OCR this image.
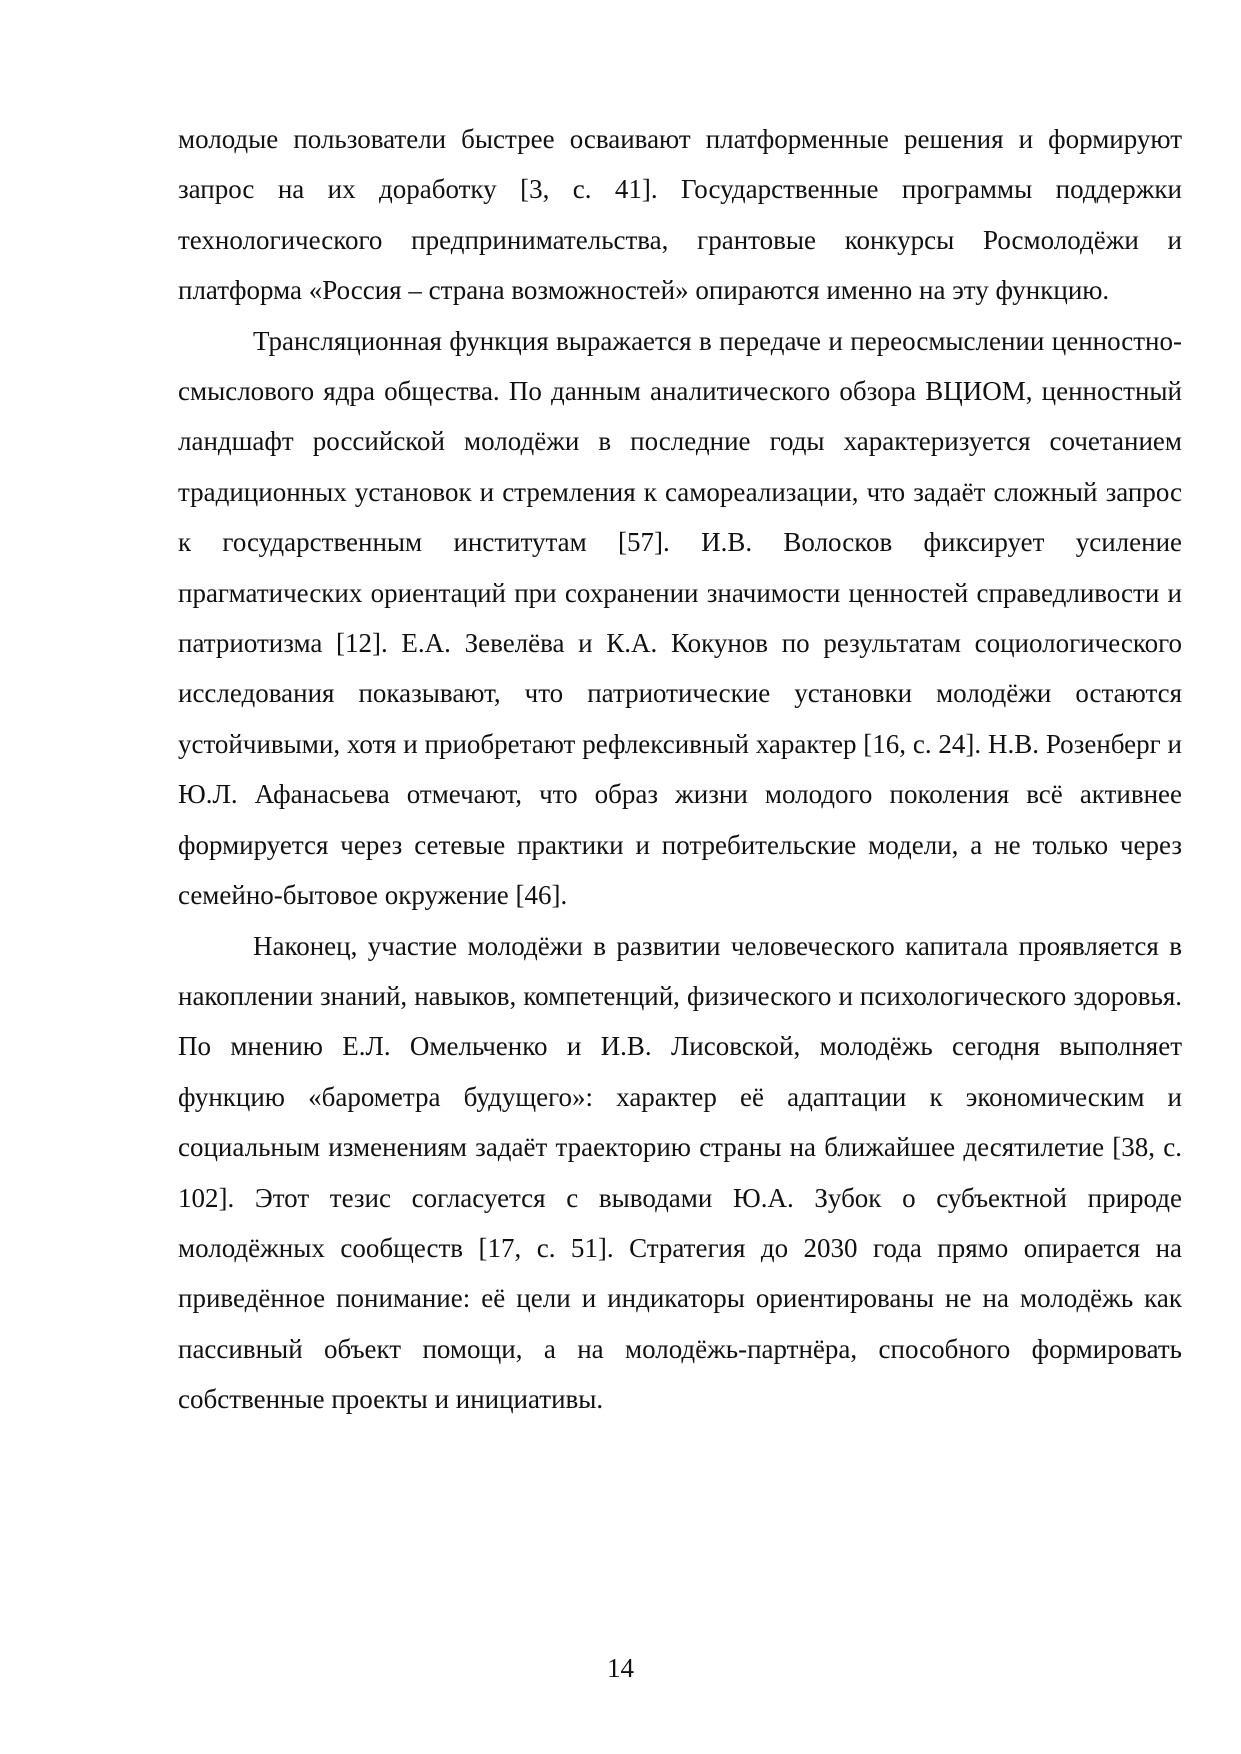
молодые пользователи быстрее осваивают платформенные решения и формируют запрос на их доработку [3, с. 41]. Государственные программы поддержки технологического предпринимательства, грантовые конкурсы Росмолодёжи и платформа «Россия – страна возможностей» опираются именно на эту функцию.

Трансляционная функция выражается в передаче и переосмыслении ценностно-смыслового ядра общества. По данным аналитического обзора ВЦИОМ, ценностный ландшафт российской молодёжи в последние годы характеризуется сочетанием традиционных установок и стремления к самореализации, что задаёт сложный запрос к государственным институтам [57]. И.В. Волосков фиксирует усиление прагматических ориентаций при сохранении значимости ценностей справедливости и патриотизма [12]. Е.А. Зевелёва и К.А. Кокунов по результатам социологического исследования показывают, что патриотические установки молодёжи остаются устойчивыми, хотя и приобретают рефлексивный характер [16, с. 24]. Н.В. Розенберг и Ю.Л. Афанасьева отмечают, что образ жизни молодого поколения всё активнее формируется через сетевые практики и потребительские модели, а не только через семейно-бытовое окружение [46].

Наконец, участие молодёжи в развитии человеческого капитала проявляется в накоплении знаний, навыков, компетенций, физического и психологического здоровья. По мнению Е.Л. Омельченко и И.В. Лисовской, молодёжь сегодня выполняет функцию «барометра будущего»: характер её адаптации к экономическим и социальным изменениям задаёт траекторию страны на ближайшее десятилетие [38, с. 102]. Этот тезис согласуется с выводами Ю.А. Зубок о субъектной природе молодёжных сообществ [17, с. 51]. Стратегия до 2030 года прямо опирается на приведённое понимание: её цели и индикаторы ориентированы не на молодёжь как пассивный объект помощи, а на молодёжь-партнёра, способного формировать собственные проекты и инициативы.

14
